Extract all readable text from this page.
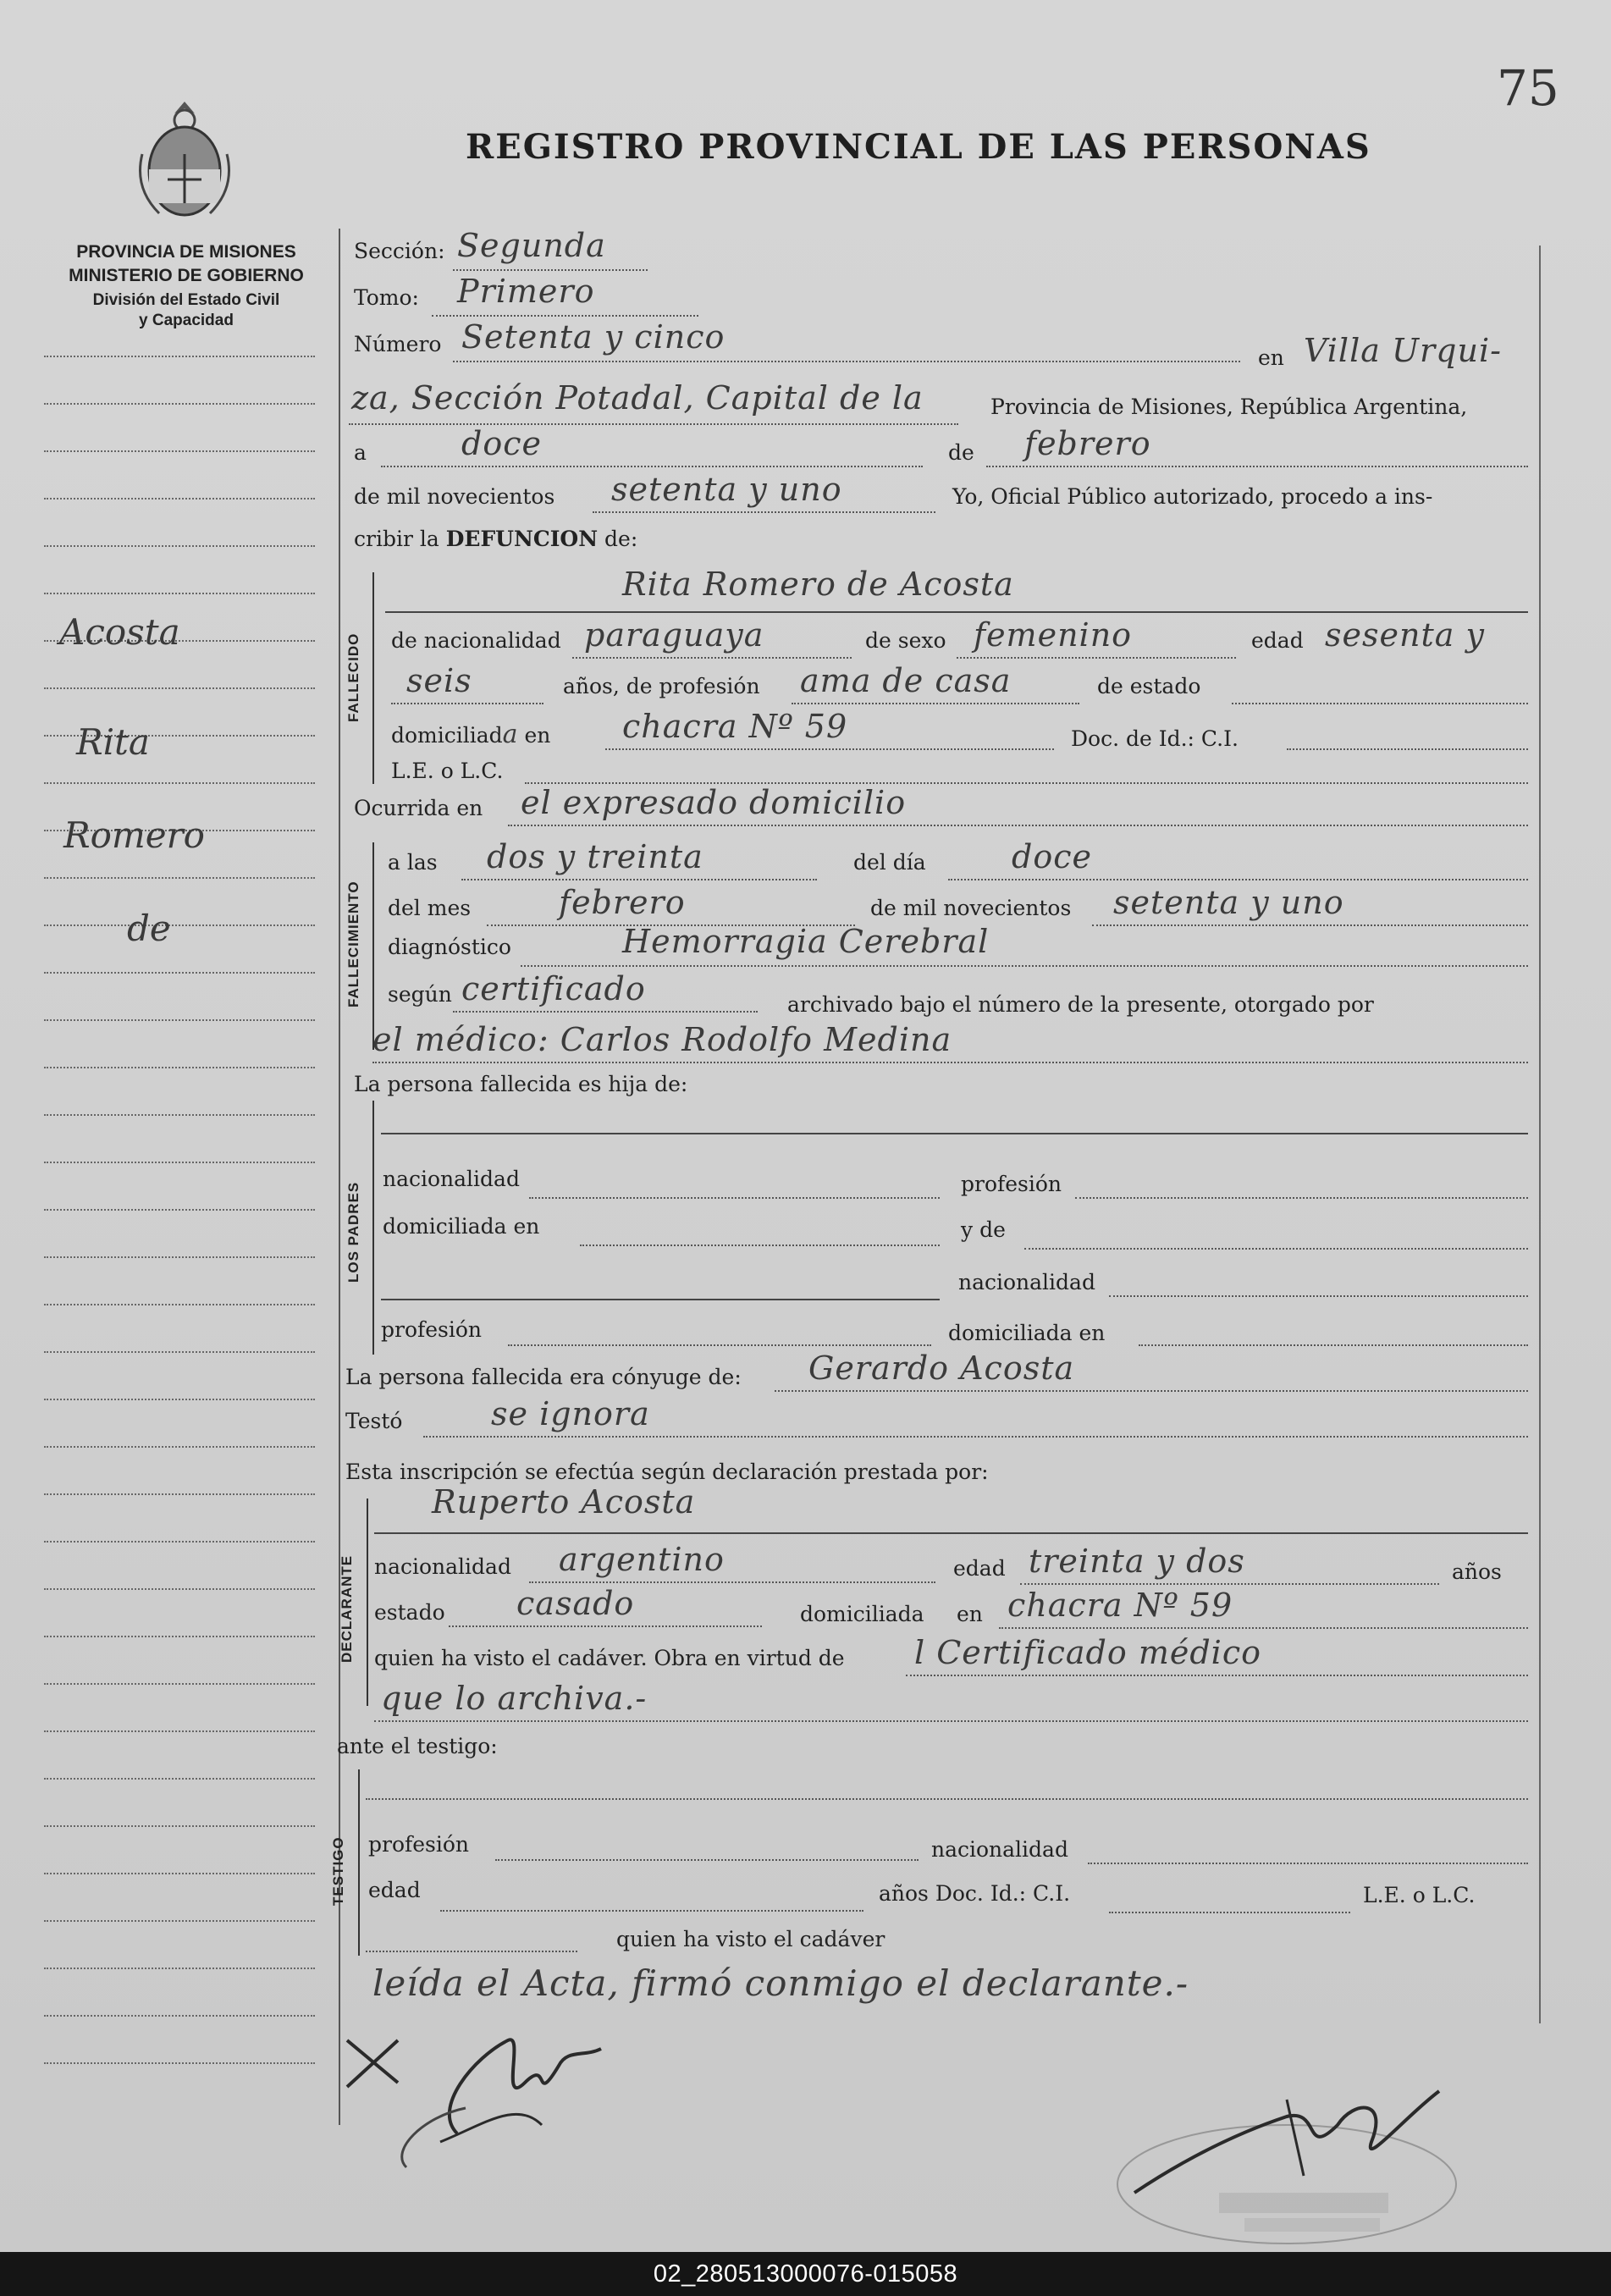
75
REGISTRO PROVINCIAL DE LAS PERSONAS
PROVINCIA DE MISIONES
MINISTERIO DE GOBIERNO
División del Estado Civil
y Capacidad
Acosta
Rita
Romero
de
Sección: Segunda
Tomo: Primero
Número Setenta y cinco
en Villa Urqui-
za, Sección Potadal, Capital de la	Provincia de Misiones, República Argentina,
a	doce	de febrero
de mil novecientos setenta y uno	Yo, Oficial Público autorizado, procedo a ins-
cribir la DEFUNCION de:
FALLECIDO
Rita Romero de Acosta
de nacionalidad paraguaya	de sexo femenino	edad sesenta y
seis	años, de profesión ama de casa	de estado
domiciliada en chacra Nº 59	Doc. de Id.: C.I.
L.E. o L.C.
Ocurrida en el expresado domicilio
FALLECIMIENTO
a las dos y treinta	del día	doce
del mes	febrero	de mil novecientos setenta y uno
diagnóstico	Hemorragia Cerebral
según certificado	archivado bajo el número de la presente, otorgado por
el médico: Carlos Rodolfo Medina
La persona fallecida es hija de:
LOS PADRES
nacionalidad	profesión
domiciliada en	y de
nacionalidad
profesión	domiciliada en
La persona fallecida era cónyuge de: Gerardo Acosta
Testó	se ignora
Esta inscripción se efectúa según declaración prestada por:
DECLARANTE
Ruperto Acosta
nacionalidad argentino	edad treinta y dos	años
estado casado	domiciliada en chacra Nº 59
quien ha visto el cadáver. Obra en virtud de l Certificado médico
que lo archiva.-
ante el testigo:
TESTIGO profesión	nacionalidad
edad	años Doc. Id.: C.I.	L.E. o L.C.
quien ha visto el cadáver
leída el Acta, firmó conmigo el declarante.-
02_280513000076-015058
